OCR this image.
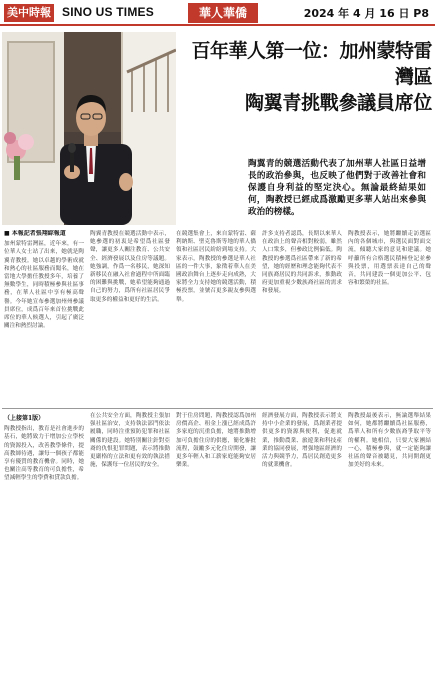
美中時報 SINO US TIMES	華人華僑	2024 年 4 月 16 日 P8
百年華人第一位：加州蒙特雷灣區
陶翼青挑戰參議員席位

陶翼青的競選活動代表了加州華人社區日益增長的政治參與，也反映了他們對于改善社會和保護自身利益的堅定決心。無論最終結果如何，陶教授已經成爲激勵更多華人站出來參與政治的榜樣。

■ 本報記者張翔綜報道

加州蒙特雷灣區，近年來，有一位華人女士站了出來，她就是陶翼青教授。她以卓越的學術成就和熱心的社區服務而聞名，她在當地大學擔任教授多年，培養了無數學生，同時積極參與社區事務，在華人社區中享有極高聲譽。今年她宣布參選加州州參議員席位，成爲百年來首位挑戰此席位的華人候選人，引起了廣泛關注和熱烈討論。

陶翼青教授在競選活動中表示，她參選的初衷是希望爲社區發聲，讓更多人關注教育、公共安全、經濟發展以及住房等議題。她強調，作爲一名移民，她深知新移民在融入社會過程中所面臨的困難與挑戰，她希望能夠通過自己的努力，爲所有社區居民爭取更多的權益和更好的生活。

在競選集會上，來自蒙特雷、薩利納斯、聖克魯斯等地的華人僑領和社區居民紛紛到場支持。大家表示，陶教授的參選是華人社區的一件大事，象徵着華人在美國政治舞台上逐步走向成熟，大家將全力支持她的競選活動，積極投票，並號召更多親友參與選舉。

許多支持者認爲，長期以來華人在政治上的聲音相對較弱，雖然人口衆多，但參政比例偏低。陶教授的參選爲社區帶來了新的希望，她的經歷和理念能夠代表不同族裔居民的共同訴求，推動政府更加重視少數族裔社區的需求和發展。

陶教授表示，她將繼續走訪選區內的各個城市，與選民面對面交流，傾聽大家的意見和建議。她呼籲所有合格選民積極登記並參與投票，用選票表達自己的聲音，共同建設一個更加公平、包容和繁榮的社區。

（上接第1版）

陶教授指出，教育是社會進步的基石，她將致力于增加公立學校的資源投入，改善教學條件，提高教師待遇，讓每一個孩子都能享有優質的教育機會。同時，她也關注高等教育的可負擔性，希望減輕學生的學費和貸款負擔。

在公共安全方面，陶教授主張加强社區治安，支持執法部門依法履職，同時注重預防犯罪和社區關係的建設。她特別關注針對亞裔的仇恨犯罪問題，表示將推動更嚴格的立法和更有效的執法措施，保護每一位居民的安全。

對于住房問題，陶教授認爲加州房價高企、租金上漲已經成爲許多家庭的沉重負擔，她將推動增加可負擔住房的供應，簡化審批流程，鼓勵多元化住房開發，讓更多年輕人和工薪家庭能夠安居樂業。

經濟發展方面，陶教授表示將支持中小企業的發展，爲創業者提供更多的資源與便利，促進就業，推動農業、旅遊業和科技產業的協同發展，增强地區經濟的活力與競爭力，爲居民創造更多的就業機會。

陶教授最後表示，無論選舉結果如何，她都將繼續爲社區服務，爲華人和所有少數族裔爭取平等的權利。她相信，只要大家團結一心，積極參與，就一定能夠讓社區的聲音被聽見，共同開創更加美好的未來。
